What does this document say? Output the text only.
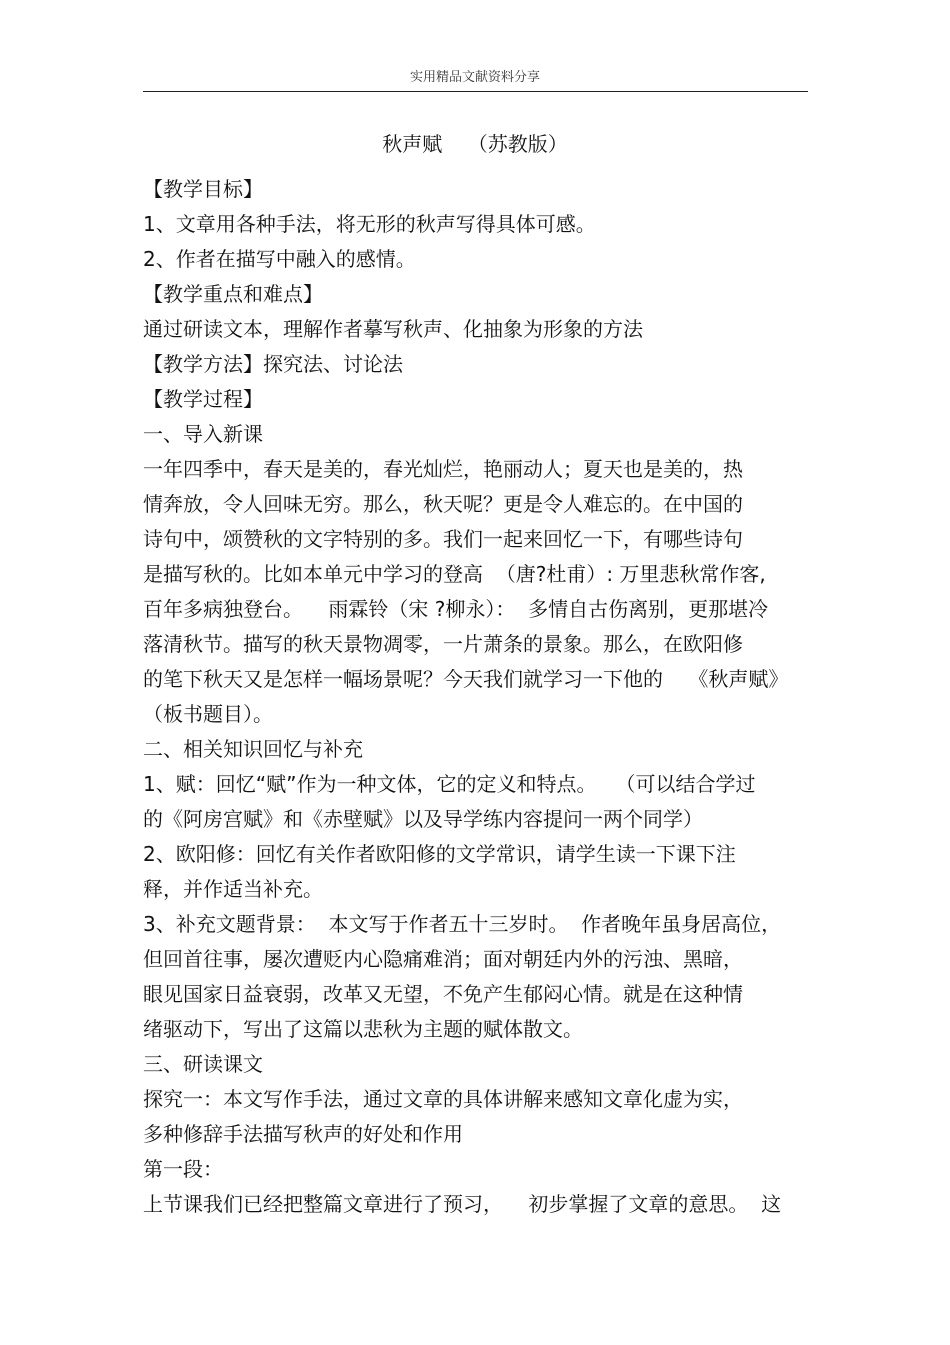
实用精品文献资料分享
秋声赋    （苏教版）
【教学目标】
1、文章用各种手法，将无形的秋声写得具体可感。
2、作者在描写中融入的感情。
【教学重点和难点】
通过研读文本，理解作者摹写秋声、化抽象为形象的方法
【教学方法】探究法、讨论法
【教学过程】
一、导入新课
一年四季中，春天是美的，春光灿烂，艳丽动人；夏天也是美的，热
情奔放，令人回味无穷。那么，秋天呢？更是令人难忘的。在中国的
诗句中，颂赞秋的文字特别的多。我们一起来回忆一下，有哪些诗句
是描写秋的。比如本单元中学习的登高  （唐?杜甫）: 万里悲秋常作客,
百年多病独登台。    雨霖铃（宋 ?柳永）：  多情自古伤离别，更那堪冷
落清秋节。描写的秋天景物凋零，一片萧条的景象。那么，在欧阳修
的笔下秋天又是怎样一幅场景呢？今天我们就学习一下他的    《秋声赋》
（板书题目）。
二、相关知识回忆与补充
1、赋：回忆“赋”作为一种文体，它的定义和特点。   （可以结合学过
的《阿房宫赋》和《赤壁赋》以及导学练内容提问一两个同学）
2、欧阳修：回忆有关作者欧阳修的文学常识，请学生读一下课下注
释，并作适当补充。
3、补充文题背景：  本文写于作者五十三岁时。  作者晚年虽身居高位，
但回首往事，屡次遭贬内心隐痛难消；面对朝廷内外的污浊、黑暗，
眼见国家日益衰弱，改革又无望，不免产生郁闷心情。就是在这种情
绪驱动下，写出了这篇以悲秋为主题的赋体散文。
三、研读课文
探究一：本文写作手法，通过文章的具体讲解来感知文章化虚为实，
多种修辞手法描写秋声的好处和作用
第一段：
上节课我们已经把整篇文章进行了预习，    初步掌握了文章的意思。  这
